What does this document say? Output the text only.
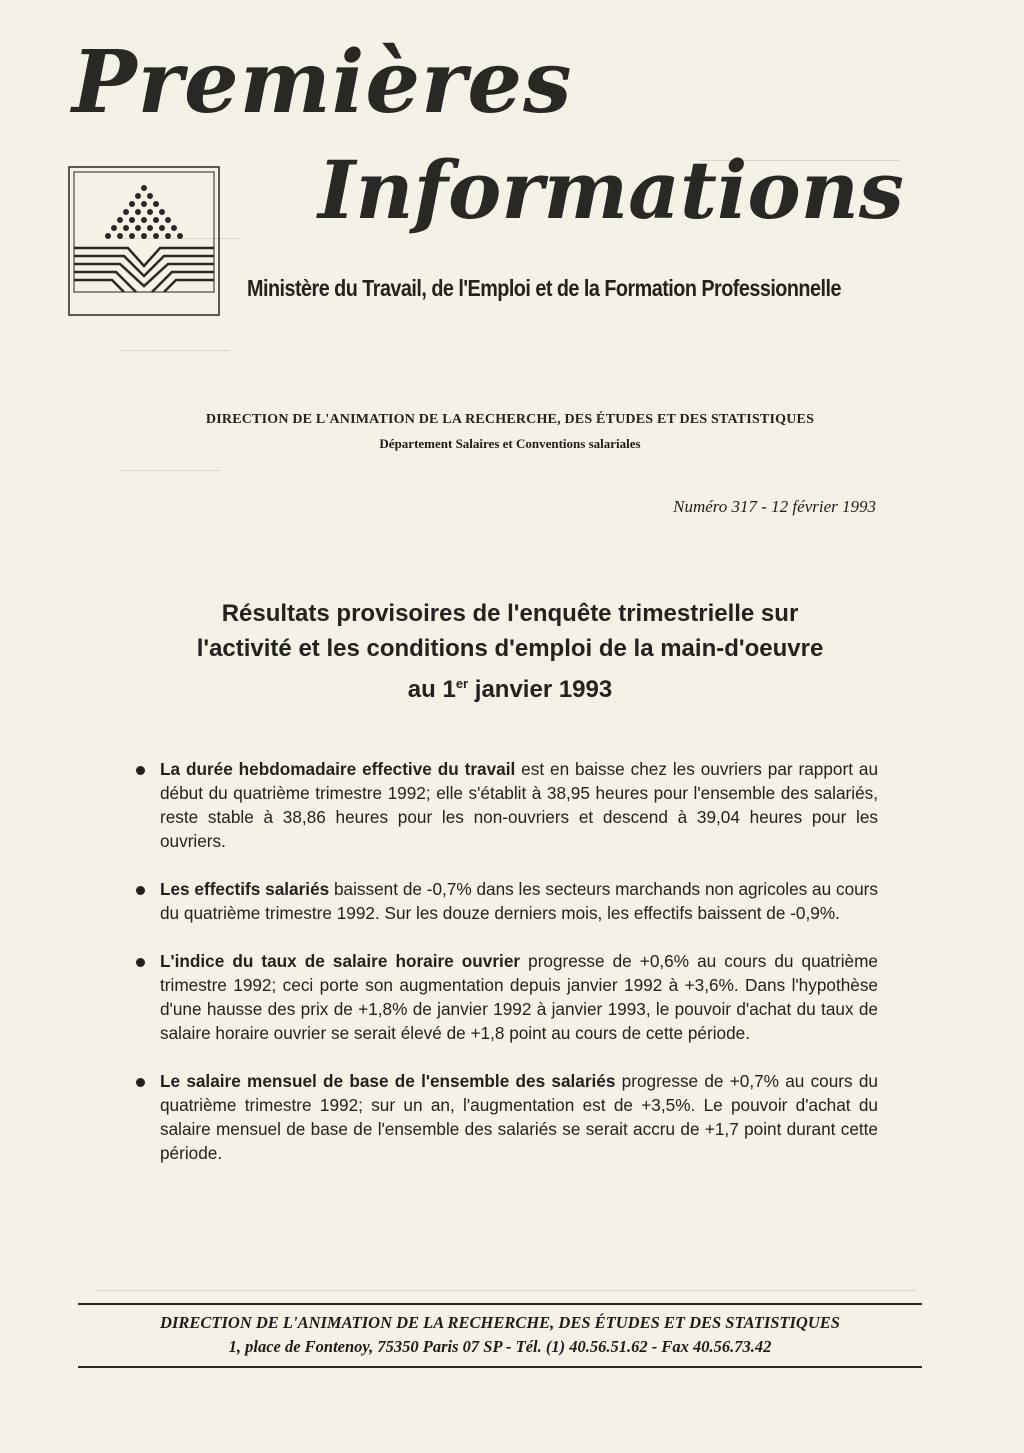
Premières
Informations

Ministère du Travail, de l'Emploi et de la Formation Professionnelle

DIRECTION DE L'ANIMATION DE LA RECHERCHE, DES ÉTUDES ET DES STATISTIQUES

Département Salaires et Conventions salariales

Numéro 317 - 12 février 1993

Résultats provisoires de l'enquête trimestrielle sur
l'activité et les conditions d'emploi de la main-d'oeuvre
au 1er janvier 1993
La durée hebdomadaire effective du travail est en baisse chez les ouvriers par rapport au début du quatrième trimestre 1992; elle s'établit à 38,95 heures pour l'ensemble des salariés, reste stable à 38,86 heures pour les non-ouvriers et descend à 39,04 heures pour les ouvriers.
Les effectifs salariés baissent de -0,7% dans les secteurs marchands non agricoles au cours du quatrième trimestre 1992. Sur les douze derniers mois, les effectifs baissent de -0,9%.
L'indice du taux de salaire horaire ouvrier progresse de +0,6% au cours du quatrième trimestre 1992; ceci porte son augmentation depuis janvier 1992 à +3,6%. Dans l'hypothèse d'une hausse des prix de +1,8% de janvier 1992 à janvier 1993, le pouvoir d'achat du taux de salaire horaire ouvrier se serait élevé de +1,8 point au cours de cette période.
Le salaire mensuel de base de l'ensemble des salariés progresse de +0,7% au cours du quatrième trimestre 1992; sur un an, l'augmentation est de +3,5%. Le pouvoir d'achat du salaire mensuel de base de l'ensemble des salariés se serait accru de +1,7 point durant cette période.

DIRECTION DE L'ANIMATION DE LA RECHERCHE, DES ÉTUDES ET DES STATISTIQUES

1, place de Fontenoy, 75350 Paris 07 SP - Tél. (1) 40.56.51.62 - Fax 40.56.73.42
